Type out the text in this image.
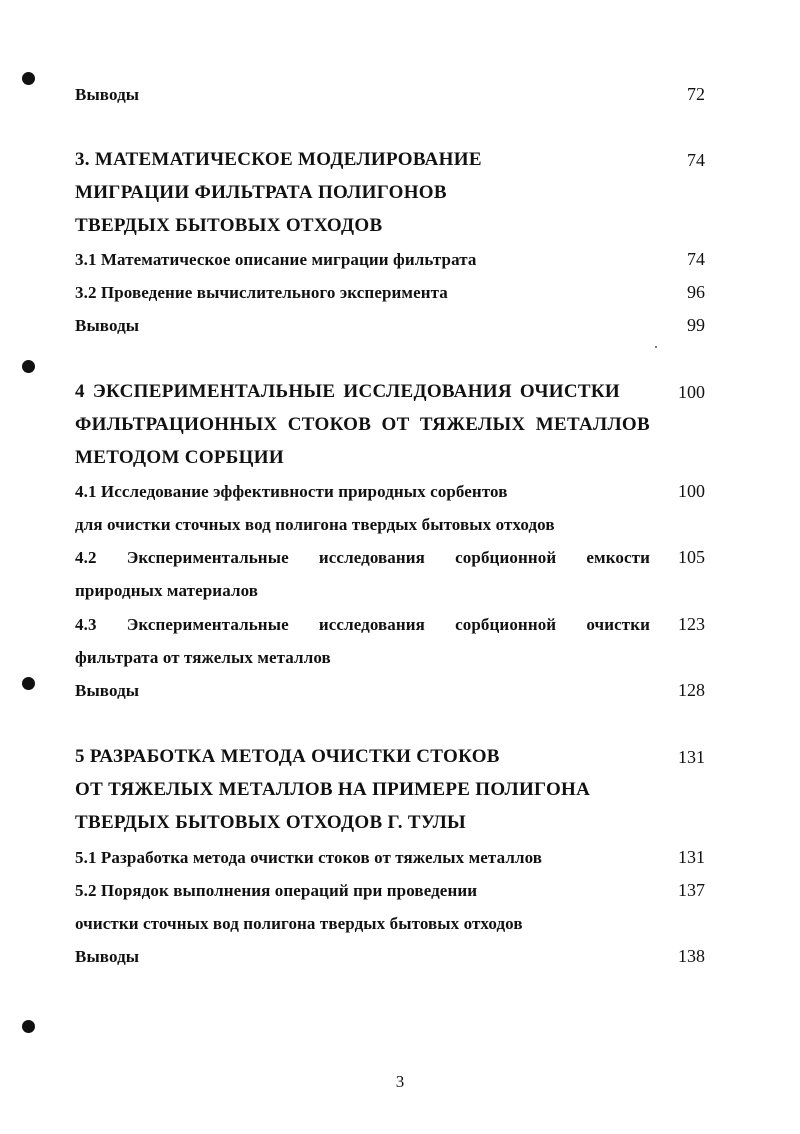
Выводы	72
3. МАТЕМАТИЧЕСКОЕ МОДЕЛИРОВАНИЕ	74
МИГРАЦИИ ФИЛЬТРАТА ПОЛИГОНОВ
ТВЕРДЫХ БЫТОВЫХ ОТХОДОВ
3.1 Математическое описание миграции фильтрата	74
3.2 Проведение вычислительного эксперимента	96
Выводы	99
4 ЭКСПЕРИМЕНТАЛЬНЫЕ ИССЛЕДОВАНИЯ ОЧИСТКИ	100
ФИЛЬТРАЦИОННЫХ СТОКОВ ОТ ТЯЖЕЛЫХ МЕТАЛЛОВ
МЕТОДОМ СОРБЦИИ
4.1 Исследование эффективности природных сорбентов	100
для очистки сточных вод полигона твердых бытовых отходов
4.2 Экспериментальные исследования сорбционной емкости	105
природных материалов
4.3 Экспериментальные исследования сорбционной очистки	123
фильтрата от тяжелых металлов
Выводы	128
5 РАЗРАБОТКА МЕТОДА ОЧИСТКИ СТОКОВ	131
ОТ ТЯЖЕЛЫХ МЕТАЛЛОВ НА ПРИМЕРЕ ПОЛИГОНА
ТВЕРДЫХ БЫТОВЫХ ОТХОДОВ Г. ТУЛЫ
5.1 Разработка метода очистки стоков от тяжелых металлов	131
5.2 Порядок выполнения операций при проведении	137
очистки сточных вод полигона твердых бытовых отходов
Выводы	138
3
